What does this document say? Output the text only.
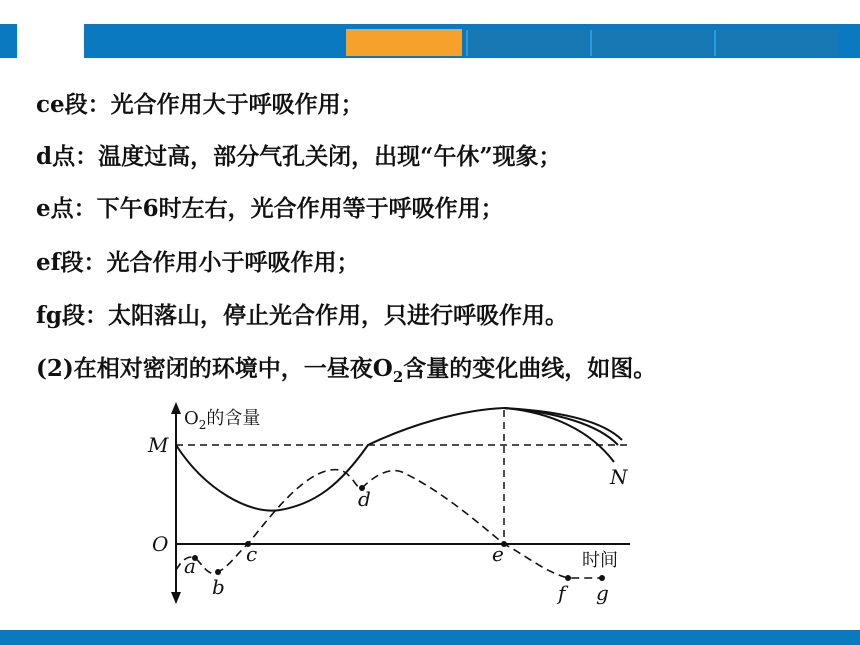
ce段：光合作用大于呼吸作用；
d点：温度过高，部分气孔关闭，出现“午休”现象；
e点：下午6时左右，光合作用等于呼吸作用；
ef段：光合作用小于呼吸作用；
fg段：太阳落山，停止光合作用，只进行呼吸作用。
(2)在相对密闭的环境中，一昼夜$O_2$含量的变化曲线，如图。
M
O
N
a
b
c
d
e
f g
$O_2$的含量
时间
